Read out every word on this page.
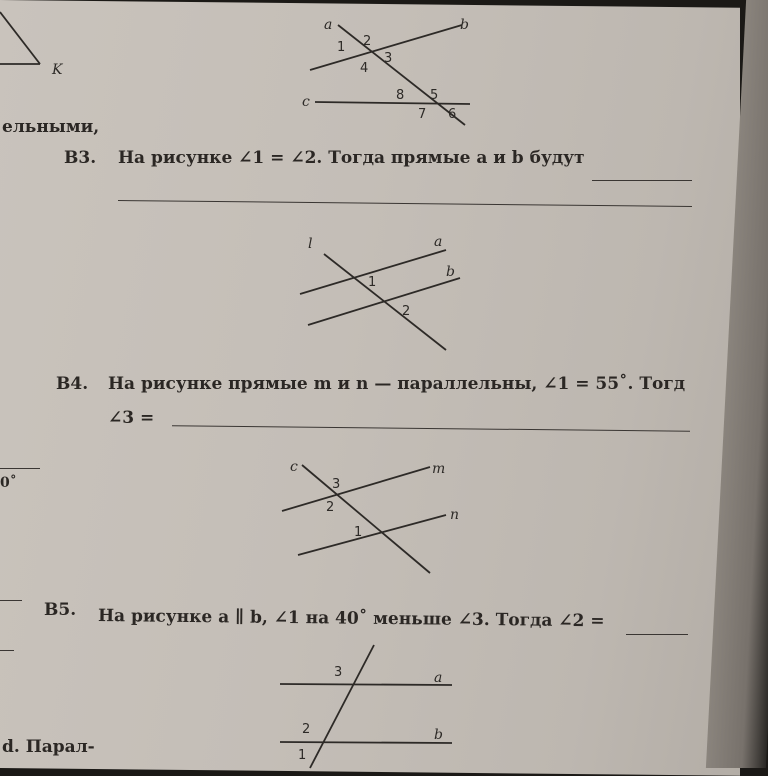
K
ельными,
a	b
c
1 2
3
4
5
6
7
8
B3. На рисунке ∠1 = ∠2. Тогда прямые a и b будут
l	a
b
1
2
B4. На рисунке прямые m и n — параллельны, ∠1 = 55˚. Тогд
∠3 =
0˚
c	m
n
3
2
1
B5. На рисунке a ∥ b, ∠1 на 40˚ меньше ∠3. Тогда ∠2 =
a
b
3
2
1
d. Парал-
